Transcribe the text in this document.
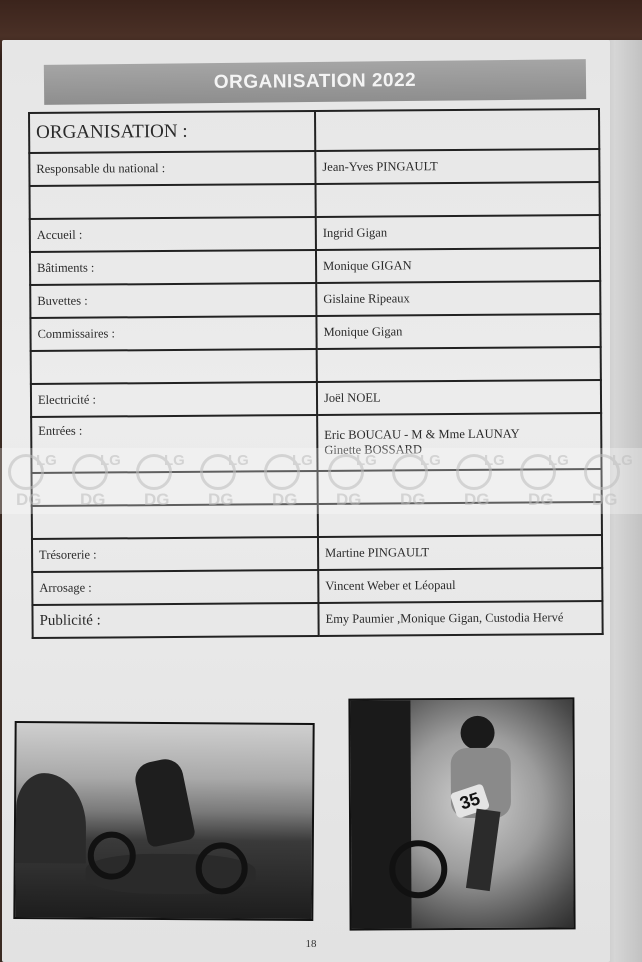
ORGANISATION 2022
ORGANISATION :	
Responsable du national :	Jean-Yves PINGAULT

Accueil :	Ingrid Gigan
Bâtiments :	Monique GIGAN
Buvettes :	Gislaine Ripeaux
Commissaires :	Monique Gigan

Electricité :	Joël NOEL
Entrées :	Eric BOUCAU - M & Mme LAUNAY
Ginette BOSSARD

Trésorerie :	Martine PINGAULT
Arrosage :	Vincent Weber et Léopaul
Publicité :	Emy Paumier ,Monique Gigan, Custodia Hervé
LG
DG
LG
DG
LG
DG
LG
DG
LG
DG
LG
DG
LG
DG
LG
DG
LG
DG
LG
DG
35
18
